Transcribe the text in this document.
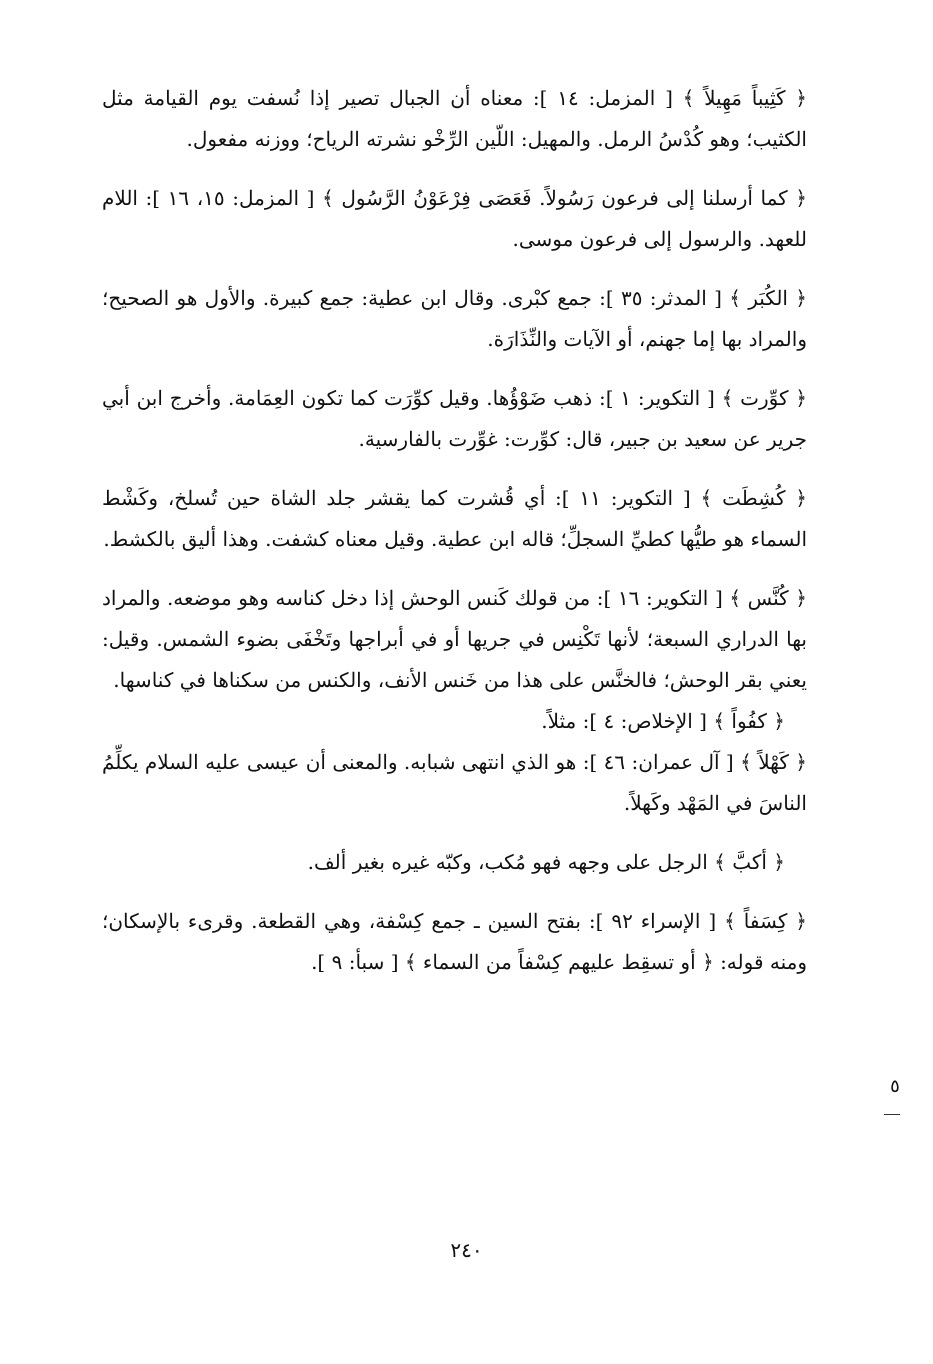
﴿ كَثِيباً مَهِيلاً ﴾ [ المزمل: ١٤ ]: معناه أن الجبال تصير إذا نُسفت يوم القيامة مثل الكثيب؛ وهو كُدْسُ الرمل. والمهيل: اللّين الرِّخْو نشرته الرياح؛ ووزنه مفعول.

﴿ كما أرسلنا إلى فرعون رَسُولاً. فَعَصَى فِرْعَوْنُ الرَّسُول ﴾ [ المزمل: ١٥، ١٦ ]: اللام للعهد. والرسول إلى فرعون موسى.

﴿ الكُبَر ﴾ [ المدثر: ٣٥ ]: جمع كبْرى. وقال ابن عطية: جمع كبيرة. والأول هو الصحيح؛ والمراد بها إما جهنم، أو الآيات والنِّذَارَة.

﴿ كوِّرت ﴾ [ التكوير: ١ ]: ذهب ضَوْؤُها. وقيل كوِّرَت كما تكون العِمَامة. وأخرج ابن أبي جرير عن سعيد بن جبير، قال: كوِّرت: غوِّرت بالفارسية.

﴿ كُشِطَت ﴾ [ التكوير: ١١ ]: أي قُشرت كما يقشر جلد الشاة حين تُسلخ، وكَشْط السماء هو طيُّها كطيِّ السجلِّ؛ قاله ابن عطية. وقيل معناه كشفت. وهذا أليق بالكشط.

﴿ كُنَّس ﴾ [ التكوير: ١٦ ]: من قولك كَنس الوحش إذا دخل كناسه وهو موضعه. والمراد بها الدراري السبعة؛ لأنها تَكْنِس في جريها أو في أبراجها وتَخْفَى بضوء الشمس. وقيل: يعني بقر الوحش؛ فالخنَّس على هذا من خَنس الأنف، والكنس من سكناها في كناسها.

﴿ كفُواً ﴾ [ الإخلاص: ٤ ]: مثلاً.

﴿ كَهْلاً ﴾ [ آل عمران: ٤٦ ]: هو الذي انتهى شبابه. والمعنى أن عيسى عليه السلام يكلِّمُ الناسَ في المَهْد وكَهلاً.

﴿ أكبَّ ﴾ الرجل على وجهه فهو مُكب، وكبّه غيره بغير ألف.

﴿ كِسَفاً ﴾ [ الإسراء ٩٢ ]: بفتح السين ـ جمع كِسْفة، وهي القطعة. وقرىء بالإسكان؛ ومنه قوله: ﴿ أو تسقِط عليهم كِسْفاً من السماء ﴾ [ سبأ: ٩ ].

٥
٢٤٠
